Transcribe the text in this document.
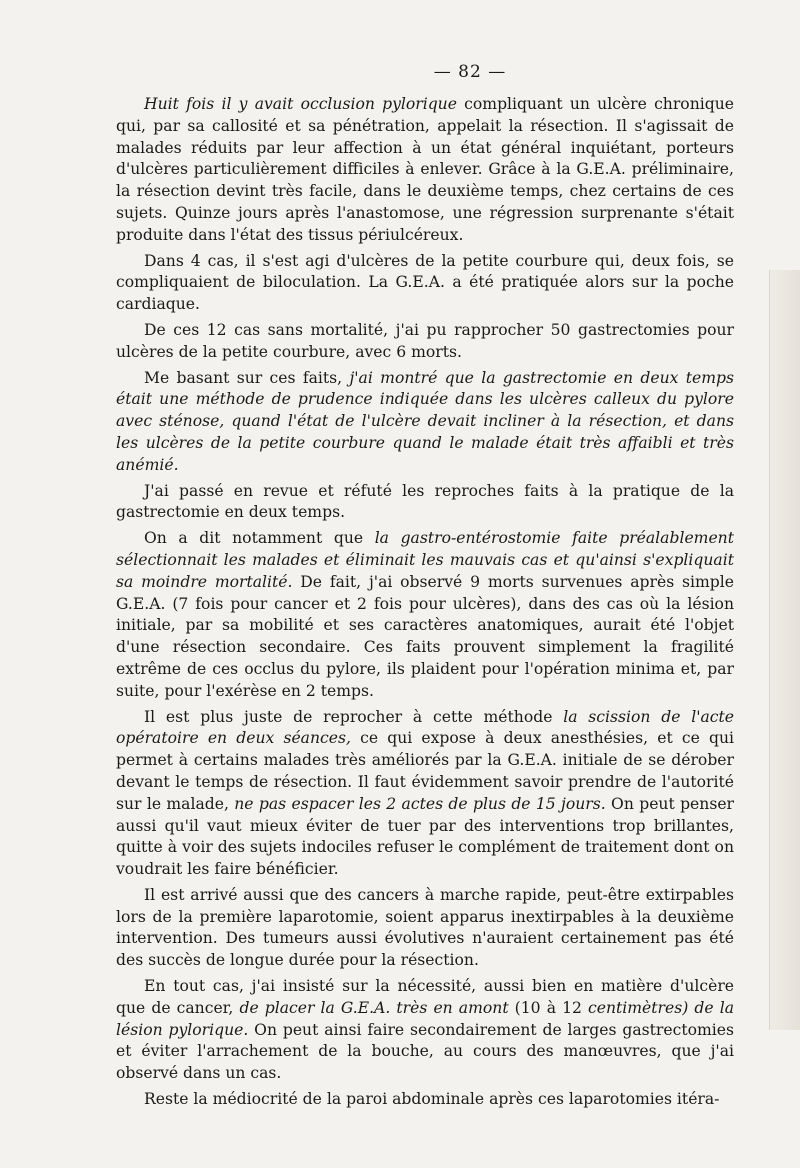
— 82 —

Huit fois il y avait occlusion pylorique compliquant un ulcère chronique qui, par sa callosité et sa pénétration, appelait la résection. Il s'agissait de malades réduits par leur affection à un état général inquiétant, porteurs d'ulcères particulièrement difficiles à enlever. Grâce à la G.E.A. préliminaire, la résection devint très facile, dans le deuxième temps, chez certains de ces sujets. Quinze jours après l'anastomose, une régression surprenante s'était produite dans l'état des tissus périulcéreux.

Dans 4 cas, il s'est agi d'ulcères de la petite courbure qui, deux fois, se compliquaient de biloculation. La G.E.A. a été pratiquée alors sur la poche cardiaque.

De ces 12 cas sans mortalité, j'ai pu rapprocher 50 gastrectomies pour ulcères de la petite courbure, avec 6 morts.

Me basant sur ces faits, j'ai montré que la gastrectomie en deux temps était une méthode de prudence indiquée dans les ulcères calleux du pylore avec sténose, quand l'état de l'ulcère devait incliner à la résection, et dans les ulcères de la petite courbure quand le malade était très affaibli et très anémié.

J'ai passé en revue et réfuté les reproches faits à la pratique de la gastrectomie en deux temps.

On a dit notamment que la gastro-entérostomie faite préalablement sélectionnait les malades et éliminait les mauvais cas et qu'ainsi s'expliquait sa moindre mortalité. De fait, j'ai observé 9 morts survenues après simple G.E.A. (7 fois pour cancer et 2 fois pour ulcères), dans des cas où la lésion initiale, par sa mobilité et ses caractères anatomiques, aurait été l'objet d'une résection secondaire. Ces faits prouvent simplement la fragilité extrême de ces occlus du pylore, ils plaident pour l'opération minima et, par suite, pour l'exérèse en 2 temps.

Il est plus juste de reprocher à cette méthode la scission de l'acte opératoire en deux séances, ce qui expose à deux anesthésies, et ce qui permet à certains malades très améliorés par la G.E.A. initiale de se dérober devant le temps de résection. Il faut évidemment savoir prendre de l'autorité sur le malade, ne pas espacer les 2 actes de plus de 15 jours. On peut penser aussi qu'il vaut mieux éviter de tuer par des interventions trop brillantes, quitte à voir des sujets indociles refuser le complément de traitement dont on voudrait les faire bénéficier.

Il est arrivé aussi que des cancers à marche rapide, peut-être extirpables lors de la première laparotomie, soient apparus inextirpables à la deuxième intervention. Des tumeurs aussi évolutives n'auraient certainement pas été des succès de longue durée pour la résection.

En tout cas, j'ai insisté sur la nécessité, aussi bien en matière d'ulcère que de cancer, de placer la G.E.A. très en amont (10 à 12 centimètres) de la lésion pylorique. On peut ainsi faire secondairement de larges gastrectomies et éviter l'arrachement de la bouche, au cours des manœuvres, que j'ai observé dans un cas.

Reste la médiocrité de la paroi abdominale après ces laparotomies itéra-
